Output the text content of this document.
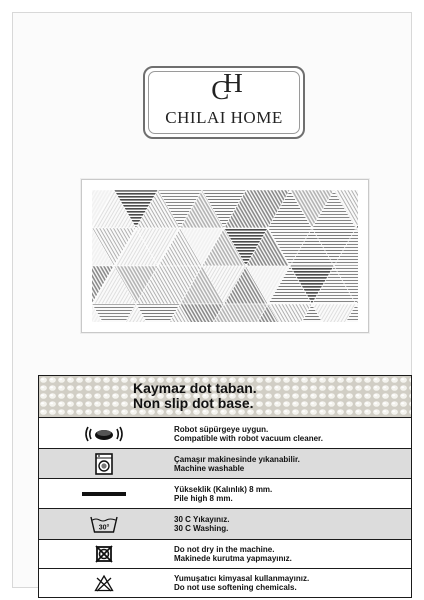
CH
CHILAI HOME
Kaymaz dot taban.
Non slip dot base.
Robot süpürgeye uygun.
Compatible with robot vacuum cleaner.
Çamaşır makinesinde yıkanabilir.
Machine washable
Yükseklik (Kalınlık) 8 mm.
Pile high 8 mm.
30°
30 C Yıkayınız.
30 C Washing.
Do not dry in the machine.
Makinede kurutma yapmayınız.
Yumuşatıcı kimyasal kullanmayınız.
Do not use softening chemicals.
